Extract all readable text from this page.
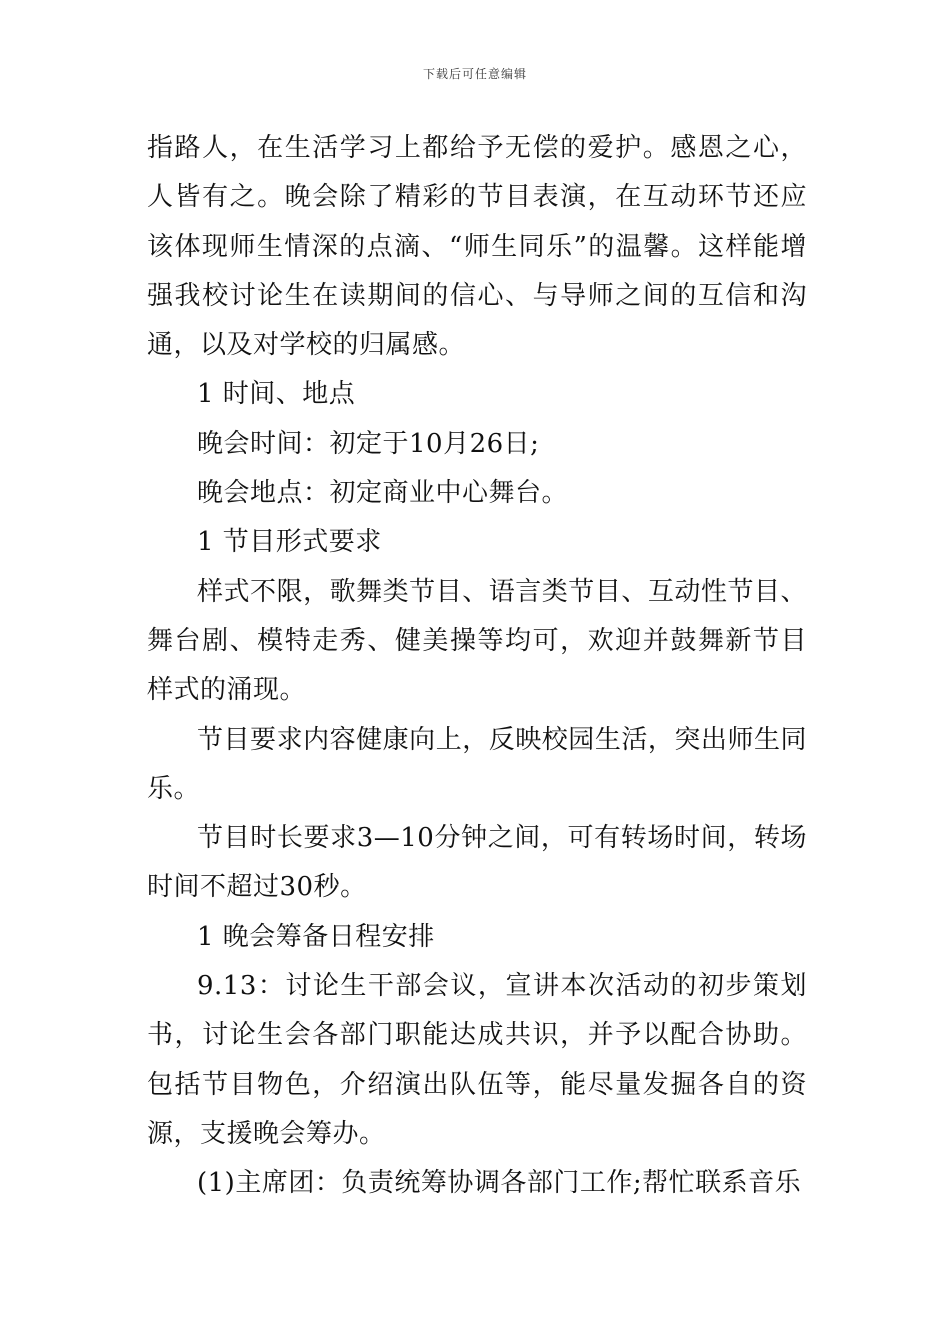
下载后可任意编辑

指路人，在生活学习上都给予无偿的爱护。感恩之心，人皆有之。晚会除了精彩的节目表演，在互动环节还应该体现师生情深的点滴、“师生同乐”的温馨。这样能增强我校讨论生在读期间的信心、与导师之间的互信和沟通，以及对学校的归属感。

1 时间、地点

晚会时间：初定于10月26日;

晚会地点：初定商业中心舞台。

1 节目形式要求

样式不限，歌舞类节目、语言类节目、互动性节目、舞台剧、模特走秀、健美操等均可，欢迎并鼓舞新节目样式的涌现。

节目要求内容健康向上，反映校园生活，突出师生同乐。

节目时长要求3—10分钟之间，可有转场时间，转场时间不超过30秒。

1 晚会筹备日程安排

9.13：讨论生干部会议，宣讲本次活动的初步策划书，讨论生会各部门职能达成共识，并予以配合协助。包括节目物色，介绍演出队伍等，能尽量发掘各自的资源，支援晚会筹办。

(1)主席团：负责统筹协调各部门工作;帮忙联系音乐
